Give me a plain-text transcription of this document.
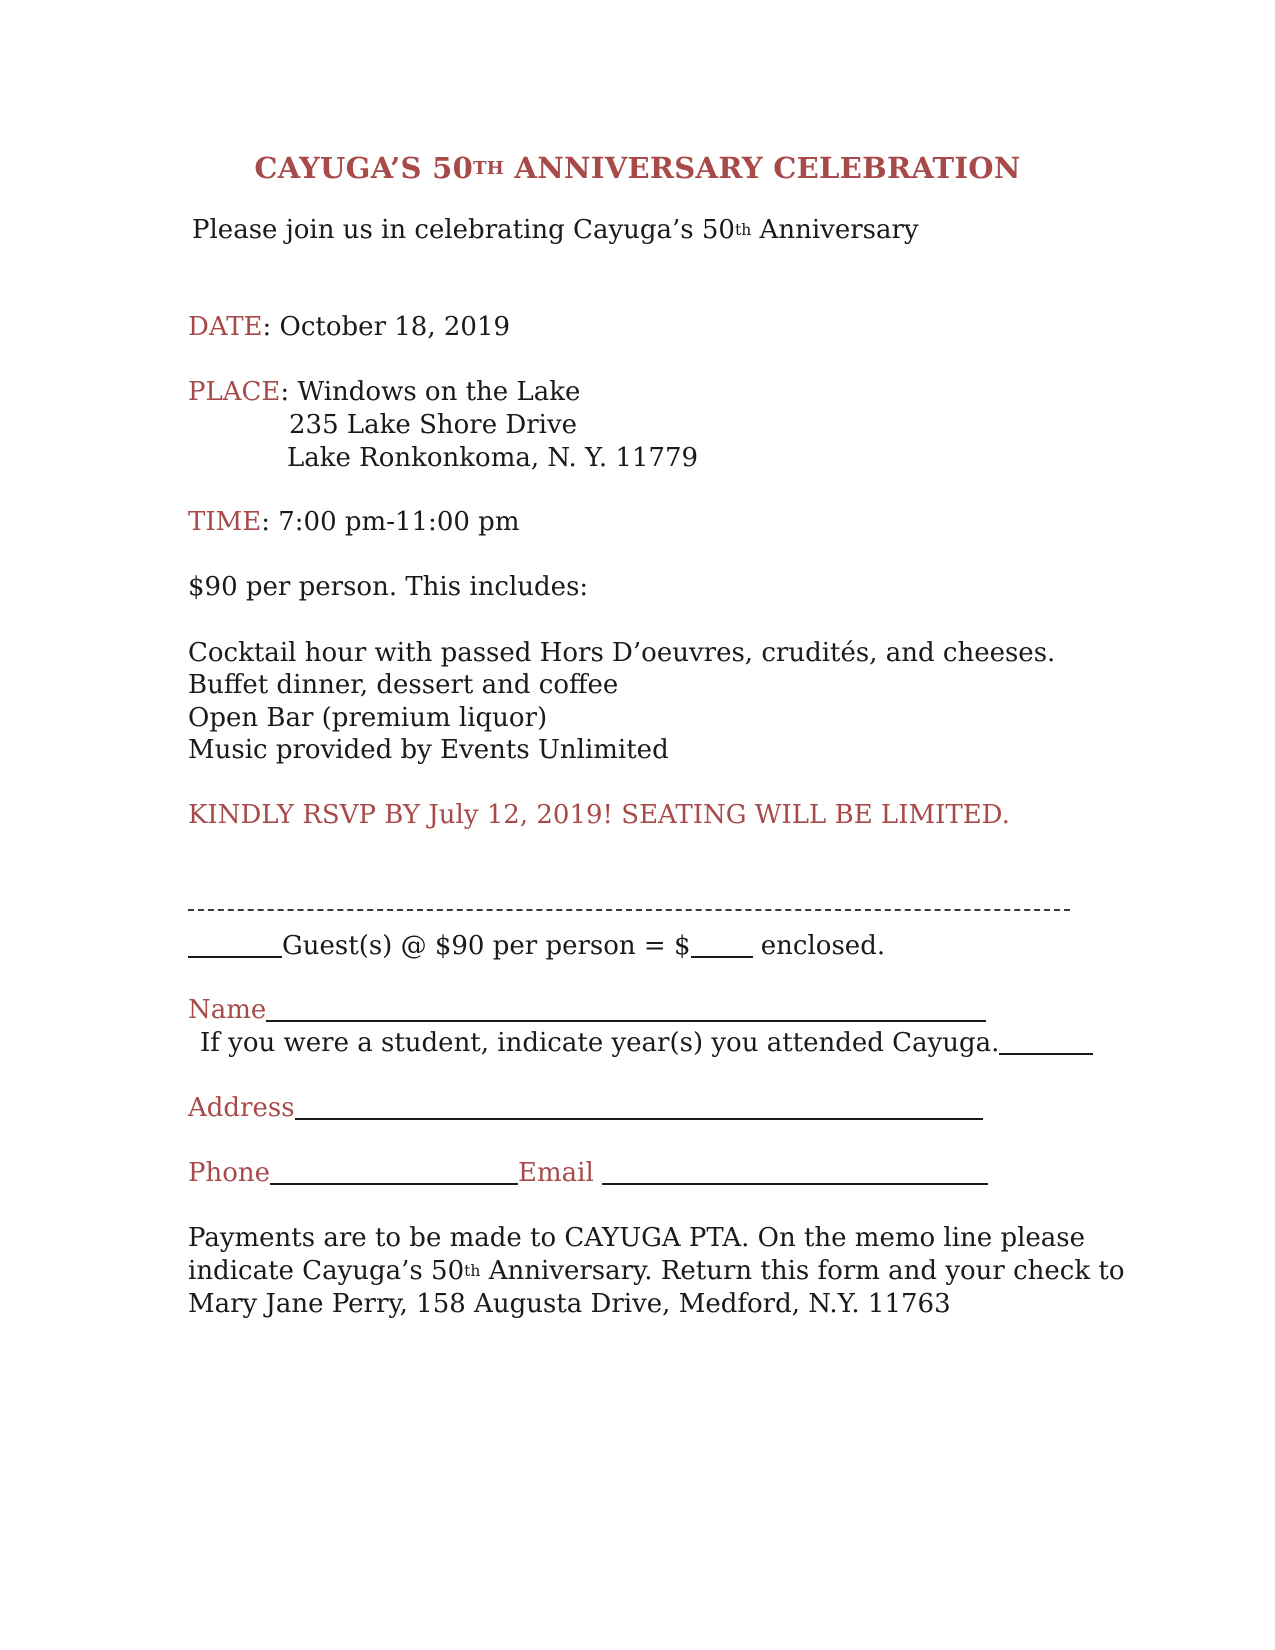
CAYUGA’S 50TH ANNIVERSARY CELEBRATION
Please join us in celebrating Cayuga’s 50th Anniversary
DATE: October 18, 2019
PLACE: Windows on the Lake
235 Lake Shore Drive
Lake Ronkonkoma, N. Y. 11779
TIME: 7:00 pm-11:00 pm
$90 per person. This includes:
Cocktail hour with passed Hors D’oeuvres, crudités, and cheeses.
Buffet dinner, dessert and coffee
Open Bar (premium liquor)
Music provided by Events Unlimited
KINDLY RSVP BY July 12, 2019! SEATING WILL BE LIMITED.
Guest(s) @ $90 per person = $ enclosed.
Name
If you were a student, indicate year(s) you attended Cayuga.
Address
Phone	Email
Payments are to be made to CAYUGA PTA. On the memo line please
indicate Cayuga’s 50th Anniversary. Return this form and your check to
Mary Jane Perry, 158 Augusta Drive, Medford, N.Y. 11763
